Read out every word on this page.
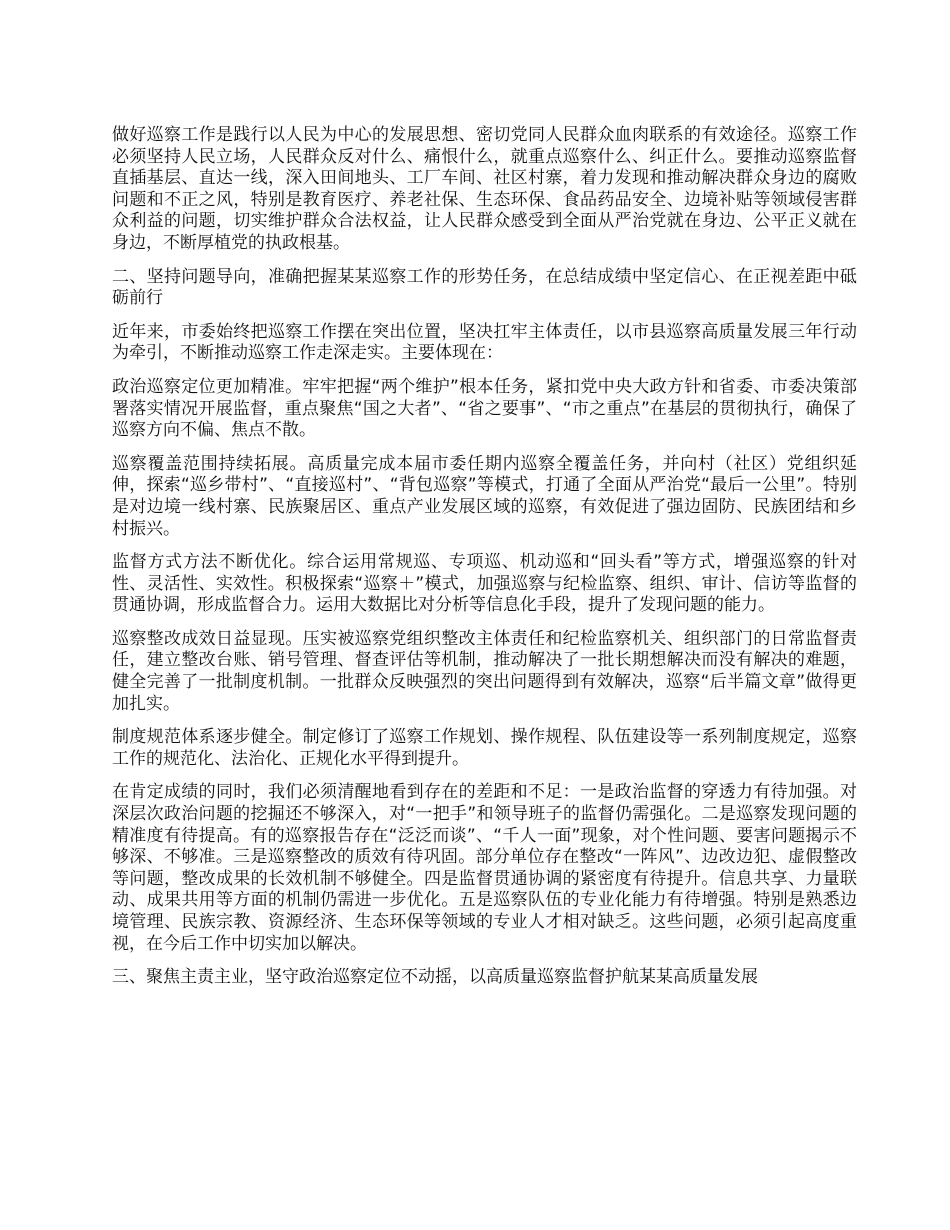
做好巡察工作是践行以人民为中心的发展思想、密切党同人民群众血肉联系的有效途径。巡察工作必须坚持人民立场，人民群众反对什么、痛恨什么，就重点巡察什么、纠正什么。要推动巡察监督直插基层、直达一线，深入田间地头、工厂车间、社区村寨，着力发现和推动解决群众身边的腐败问题和不正之风，特别是教育医疗、养老社保、生态环保、食品药品安全、边境补贴等领域侵害群众利益的问题，切实维护群众合法权益，让人民群众感受到全面从严治党就在身边、公平正义就在身边，不断厚植党的执政根基。

二、坚持问题导向，准确把握某某巡察工作的形势任务，在总结成绩中坚定信心、在正视差距中砥砺前行

近年来，市委始终把巡察工作摆在突出位置，坚决扛牢主体责任，以市县巡察高质量发展三年行动为牵引，不断推动巡察工作走深走实。主要体现在：

政治巡察定位更加精准。牢牢把握“两个维护”根本任务，紧扣党中央大政方针和省委、市委决策部署落实情况开展监督，重点聚焦“国之大者”、“省之要事”、“市之重点”在基层的贯彻执行，确保了巡察方向不偏、焦点不散。

巡察覆盖范围持续拓展。高质量完成本届市委任期内巡察全覆盖任务，并向村（社区）党组织延伸，探索“巡乡带村”、“直接巡村”、“背包巡察”等模式，打通了全面从严治党“最后一公里”。特别是对边境一线村寨、民族聚居区、重点产业发展区域的巡察，有效促进了强边固防、民族团结和乡村振兴。

监督方式方法不断优化。综合运用常规巡、专项巡、机动巡和“回头看”等方式，增强巡察的针对性、灵活性、实效性。积极探索“巡察＋”模式，加强巡察与纪检监察、组织、审计、信访等监督的贯通协调，形成监督合力。运用大数据比对分析等信息化手段，提升了发现问题的能力。

巡察整改成效日益显现。压实被巡察党组织整改主体责任和纪检监察机关、组织部门的日常监督责任，建立整改台账、销号管理、督查评估等机制，推动解决了一批长期想解决而没有解决的难题，健全完善了一批制度机制。一批群众反映强烈的突出问题得到有效解决，巡察“后半篇文章”做得更加扎实。

制度规范体系逐步健全。制定修订了巡察工作规划、操作规程、队伍建设等一系列制度规定，巡察工作的规范化、法治化、正规化水平得到提升。

在肯定成绩的同时，我们必须清醒地看到存在的差距和不足：一是政治监督的穿透力有待加强。对深层次政治问题的挖掘还不够深入，对“一把手”和领导班子的监督仍需强化。二是巡察发现问题的精准度有待提高。有的巡察报告存在“泛泛而谈”、“千人一面”现象，对个性问题、要害问题揭示不够深、不够准。三是巡察整改的质效有待巩固。部分单位存在整改“一阵风”、边改边犯、虚假整改等问题，整改成果的长效机制不够健全。四是监督贯通协调的紧密度有待提升。信息共享、力量联动、成果共用等方面的机制仍需进一步优化。五是巡察队伍的专业化能力有待增强。特别是熟悉边境管理、民族宗教、资源经济、生态环保等领域的专业人才相对缺乏。这些问题，必须引起高度重视，在今后工作中切实加以解决。

三、聚焦主责主业，坚守政治巡察定位不动摇，以高质量巡察监督护航某某高质量发展
